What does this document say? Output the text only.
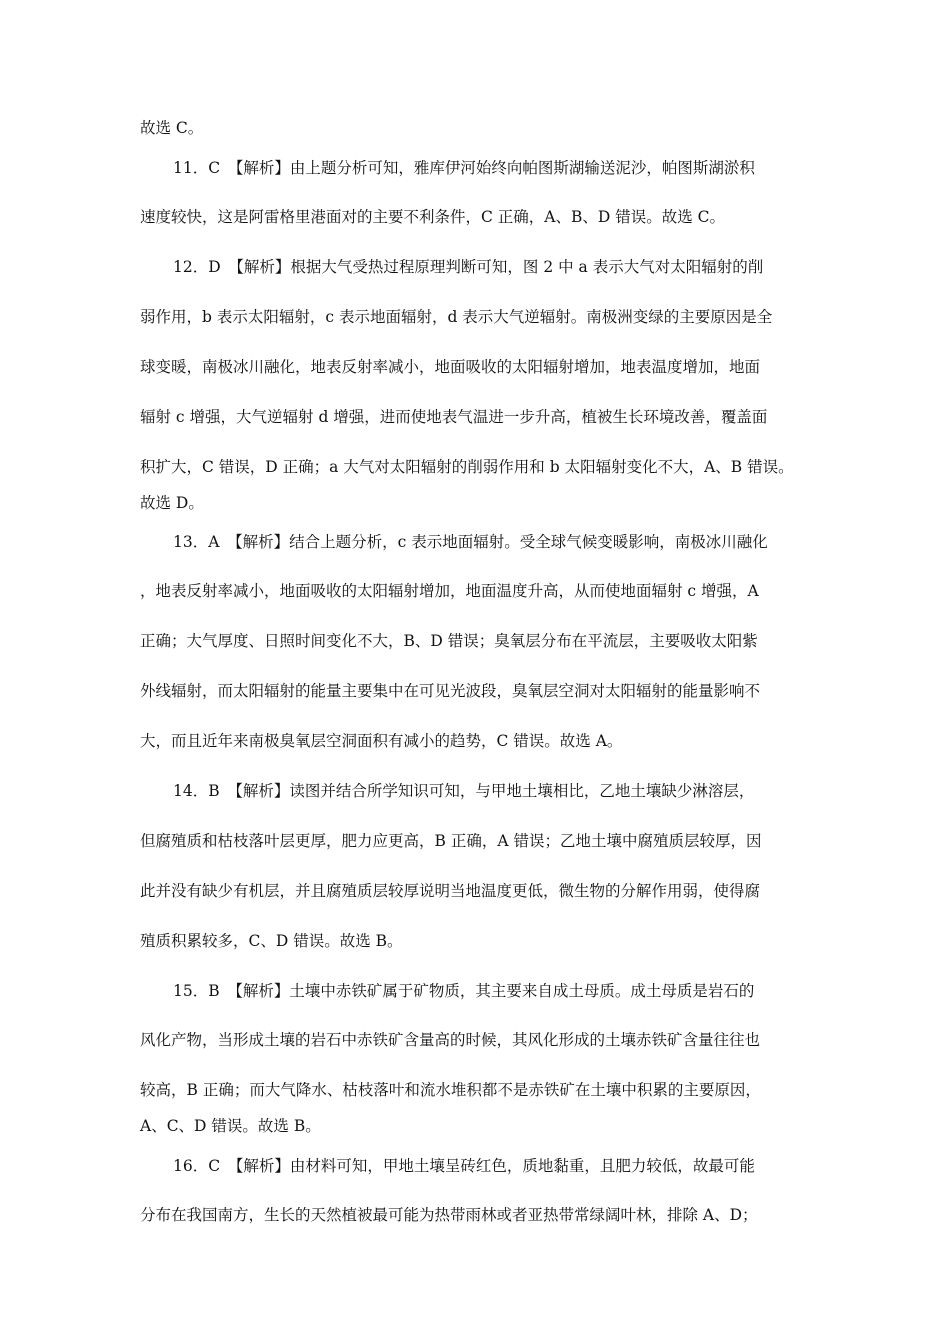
故选 C。

11．C　【解析】由上题分析可知，雅库伊河始终向帕图斯湖输送泥沙，帕图斯湖淤积

速度较快，这是阿雷格里港面对的主要不利条件，C 正确，A、B、D 错误。故选 C。

12．D　【解析】根据大气受热过程原理判断可知，图 2 中 a 表示大气对太阳辐射的削

弱作用，b 表示太阳辐射，c 表示地面辐射，d 表示大气逆辐射。南极洲变绿的主要原因是全

球变暖，南极冰川融化，地表反射率减小，地面吸收的太阳辐射增加，地表温度增加，地面

辐射 c 增强，大气逆辐射 d 增强，进而使地表气温进一步升高，植被生长环境改善，覆盖面

积扩大，C 错误，D 正确；a 大气对太阳辐射的削弱作用和 b 太阳辐射变化不大，A、B 错误。

故选 D。

13．A　【解析】结合上题分析，c 表示地面辐射。受全球气候变暖影响，南极冰川融化

，地表反射率减小，地面吸收的太阳辐射增加，地面温度升高，从而使地面辐射 c 增强，A

正确；大气厚度、日照时间变化不大，B、D 错误；臭氧层分布在平流层，主要吸收太阳紫

外线辐射，而太阳辐射的能量主要集中在可见光波段，臭氧层空洞对太阳辐射的能量影响不

大，而且近年来南极臭氧层空洞面积有减小的趋势，C 错误。故选 A。

14．B　【解析】读图并结合所学知识可知，与甲地土壤相比，乙地土壤缺少淋溶层，

但腐殖质和枯枝落叶层更厚，肥力应更高，B 正确，A 错误；乙地土壤中腐殖质层较厚，因

此并没有缺少有机层，并且腐殖质层较厚说明当地温度更低，微生物的分解作用弱，使得腐

殖质积累较多，C、D 错误。故选 B。

15．B　【解析】土壤中赤铁矿属于矿物质，其主要来自成土母质。成土母质是岩石的

风化产物，当形成土壤的岩石中赤铁矿含量高的时候，其风化形成的土壤赤铁矿含量往往也

较高，B 正确；而大气降水、枯枝落叶和流水堆积都不是赤铁矿在土壤中积累的主要原因，

A、C、D 错误。故选 B。

16．C　【解析】由材料可知，甲地土壤呈砖红色，质地黏重，且肥力较低，故最可能

分布在我国南方，生长的天然植被最可能为热带雨林或者亚热带常绿阔叶林，排除 A、D；
